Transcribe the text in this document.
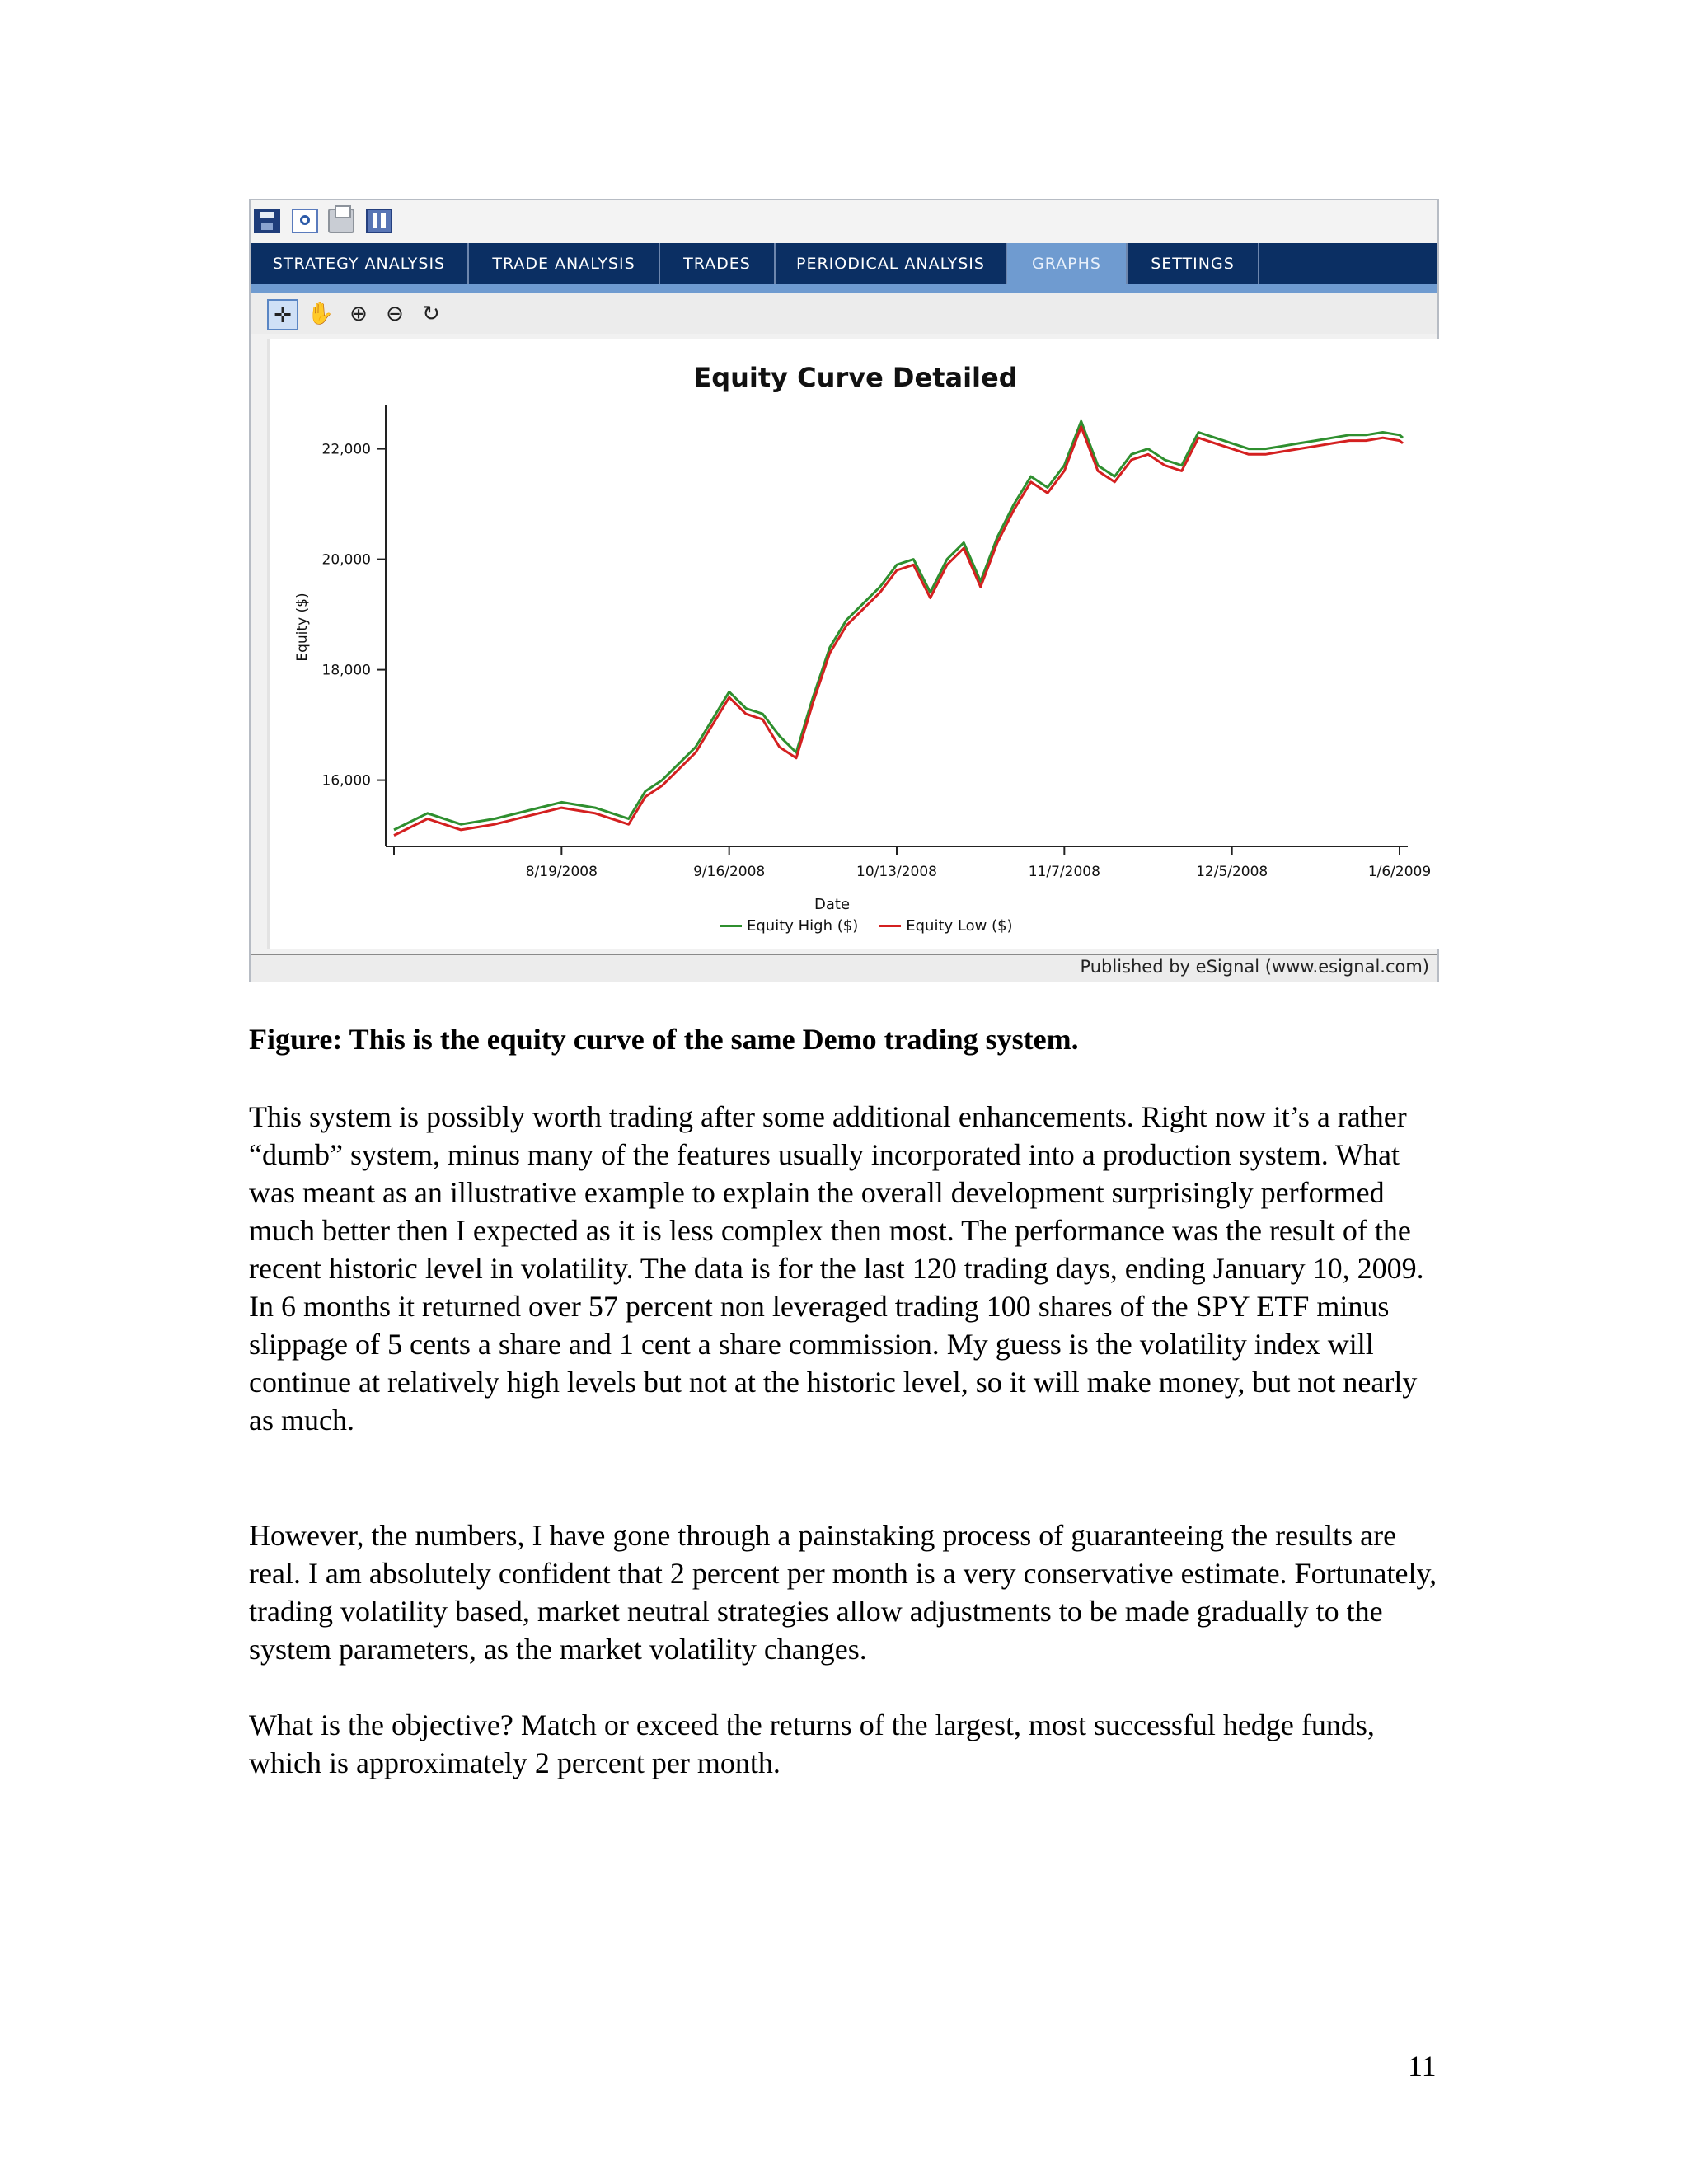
STRATEGY ANALYSIS	TRADE ANALYSIS	TRADES	PERIODICAL ANALYSIS	GRAPHS	SETTINGS
✛ ✋ ⊕ ⊖ ↻
Equity Curve Detailed
16,000
18,000
20,000
22,000
8/19/2008	9/16/2008	10/13/2008	11/7/2008	12/5/2008	1/6/2009
Equity ($)
Date
Equity High ($)	Equity Low ($)
Published by eSignal (www.esignal.com)
Figure: This is the equity curve of the same Demo trading system.

This system is possibly worth trading after some additional enhancements. Right now it’s a rather “dumb” system, minus many of the features usually incorporated into a production system. What was meant as an illustrative example to explain the overall development surprisingly performed much better then I expected as it is less complex then most. The performance was the result of the recent historic level in volatility. The data is for the last 120 trading days, ending January 10, 2009. In 6 months it returned over 57 percent non leveraged trading 100 shares of the SPY ETF minus slippage of 5 cents a share and 1 cent a share commission. My guess is the volatility index will continue at relatively high levels but not at the historic level, so it will make money, but not nearly as much.

However, the numbers, I have gone through a painstaking process of guaranteeing the results are real. I am absolutely confident that 2 percent per month is a very conservative estimate. Fortunately, trading volatility based, market neutral strategies allow adjustments to be made gradually to the system parameters, as the market volatility changes.

What is the objective? Match or exceed the returns of the largest, most successful hedge funds, which is approximately 2 percent per month.

11
